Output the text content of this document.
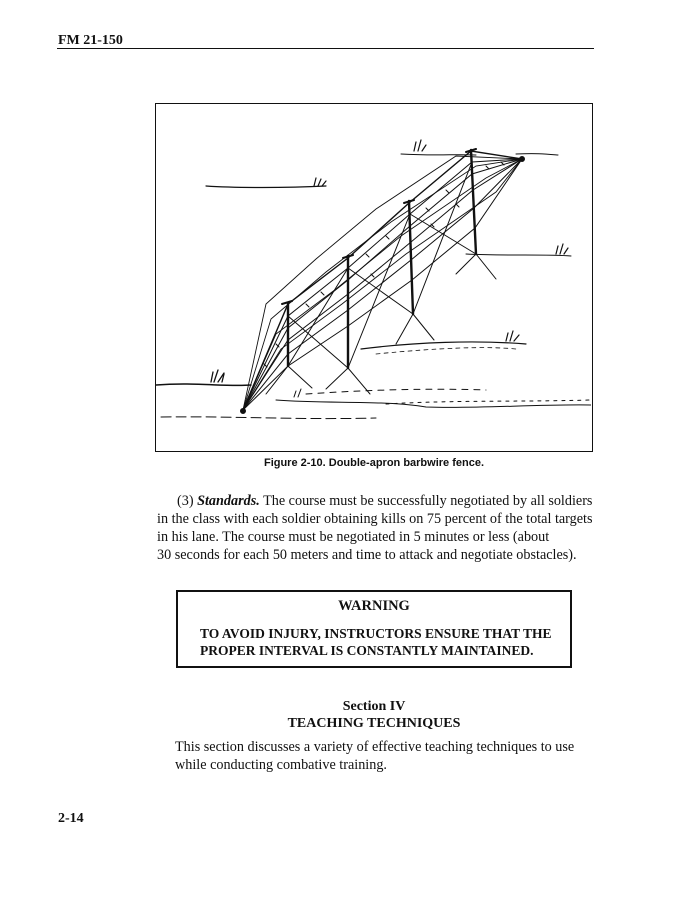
FM 21-150
Figure 2-10. Double-apron barbwire fence.
(3) Standards. The course must be successfully negotiated by all soldiers
in the class with each soldier obtaining kills on 75 percent of the total targets
in his lane. The course must be negotiated in 5 minutes or less (about
30 seconds for each 50 meters and time to attack and negotiate obstacles).
WARNING
TO AVOID INJURY, INSTRUCTORS ENSURE THAT THE
PROPER INTERVAL IS CONSTANTLY MAINTAINED.
Section IV
TEACHING TECHNIQUES
This section discusses a variety of effective teaching techniques to use
while conducting combative training.
2-14
